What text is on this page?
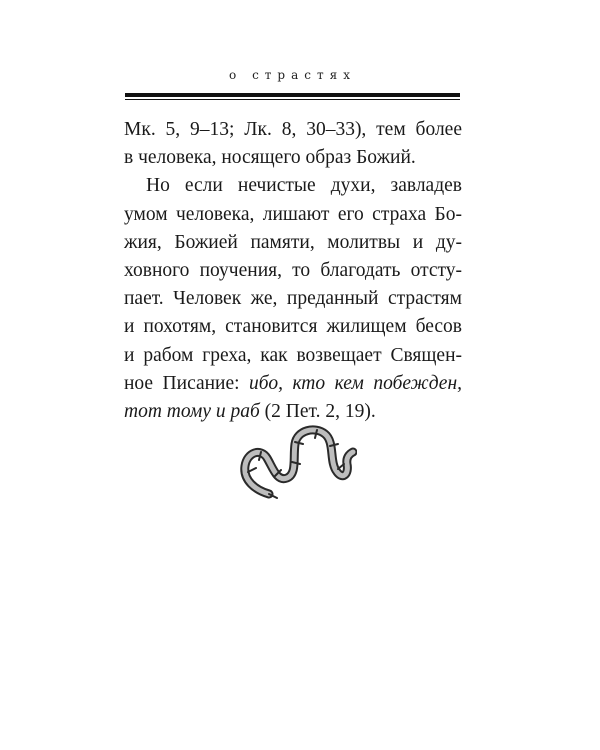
о страстях
Мк. 5, 9–13; Лк. 8, 30–33), тем более
в человека, носящего образ Божий.
Но если нечистые духи, завладев
умом человека, лишают его страха Бо-
жия, Божией памяти, молитвы и ду-
ховного поучения, то благодать отсту-
пает. Человек же, преданный страстям
и похотям, становится жилищем бесов
и рабом греха, как возвещает Священ-
ное Писание: ибо, кто кем побежден,
тот тому и раб (2 Пет. 2, 19).
